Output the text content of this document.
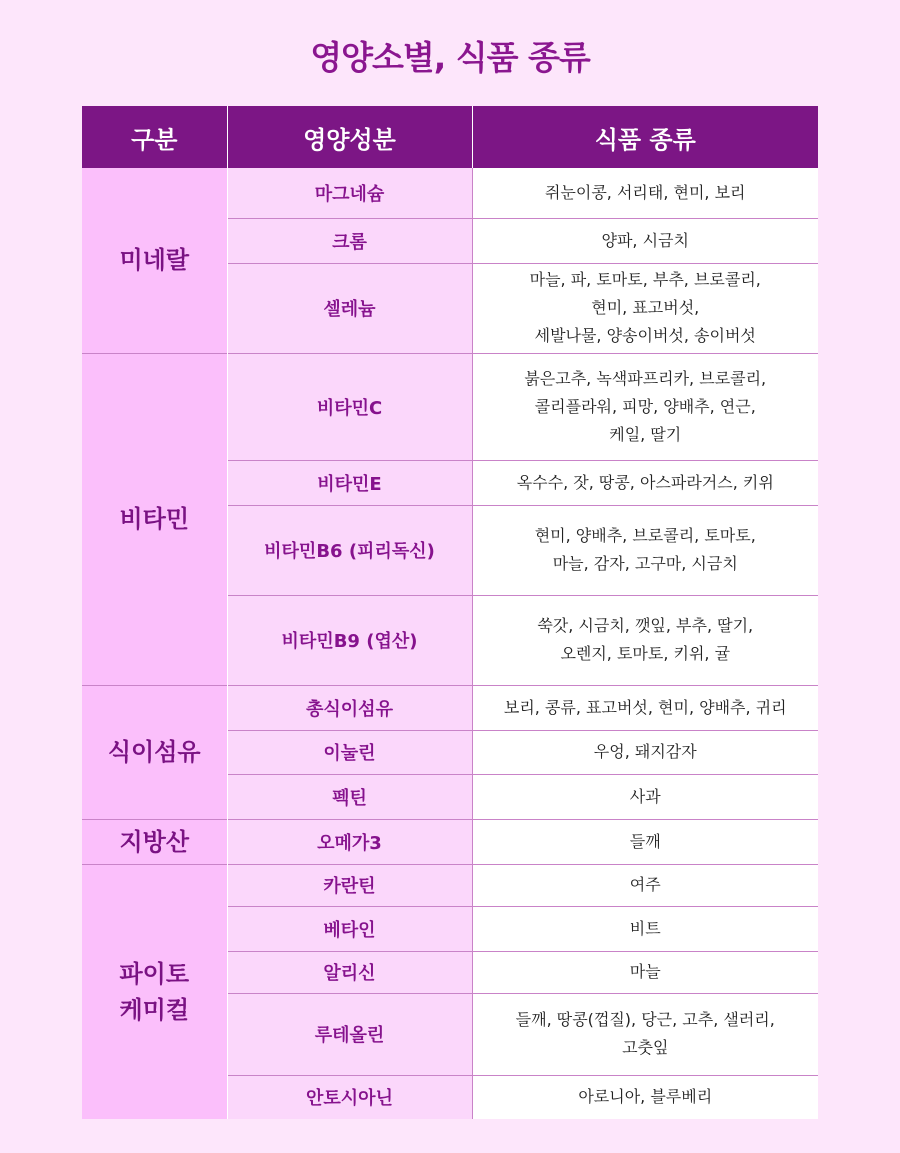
영양소별, 식품 종류
구분	영양성분	식품 종류

미네랄	마그네슘	쥐눈이콩, 서리태, 현미, 보리

	크롬	양파, 시금치

	셀레늄	마늘, 파, 토마토, 부추, 브로콜리,
현미, 표고버섯,
세발나물, 양송이버섯, 송이버섯

비타민	비타민C	붉은고추, 녹색파프리카, 브로콜리,
콜리플라워, 피망, 양배추, 연근,
케일, 딸기

	비타민E	옥수수, 잣, 땅콩, 아스파라거스, 키위

	비타민B6 (피리독신)	현미, 양배추, 브로콜리, 토마토,
마늘, 감자, 고구마, 시금치

	비타민B9 (엽산)	쑥갓, 시금치, 깻잎, 부추, 딸기,
오렌지, 토마토, 키위, 귤

식이섬유	총식이섬유	보리, 콩류, 표고버섯, 현미, 양배추, 귀리

	이눌린	우엉, 돼지감자

	펙틴	사과

지방산	오메가3	들깨

파이토
케미컬	카란틴	여주

	베타인	비트

	알리신	마늘

	루테올린	들깨, 땅콩(껍질), 당근, 고추, 샐러리,
고춧잎

	안토시아닌	아로니아, 블루베리
